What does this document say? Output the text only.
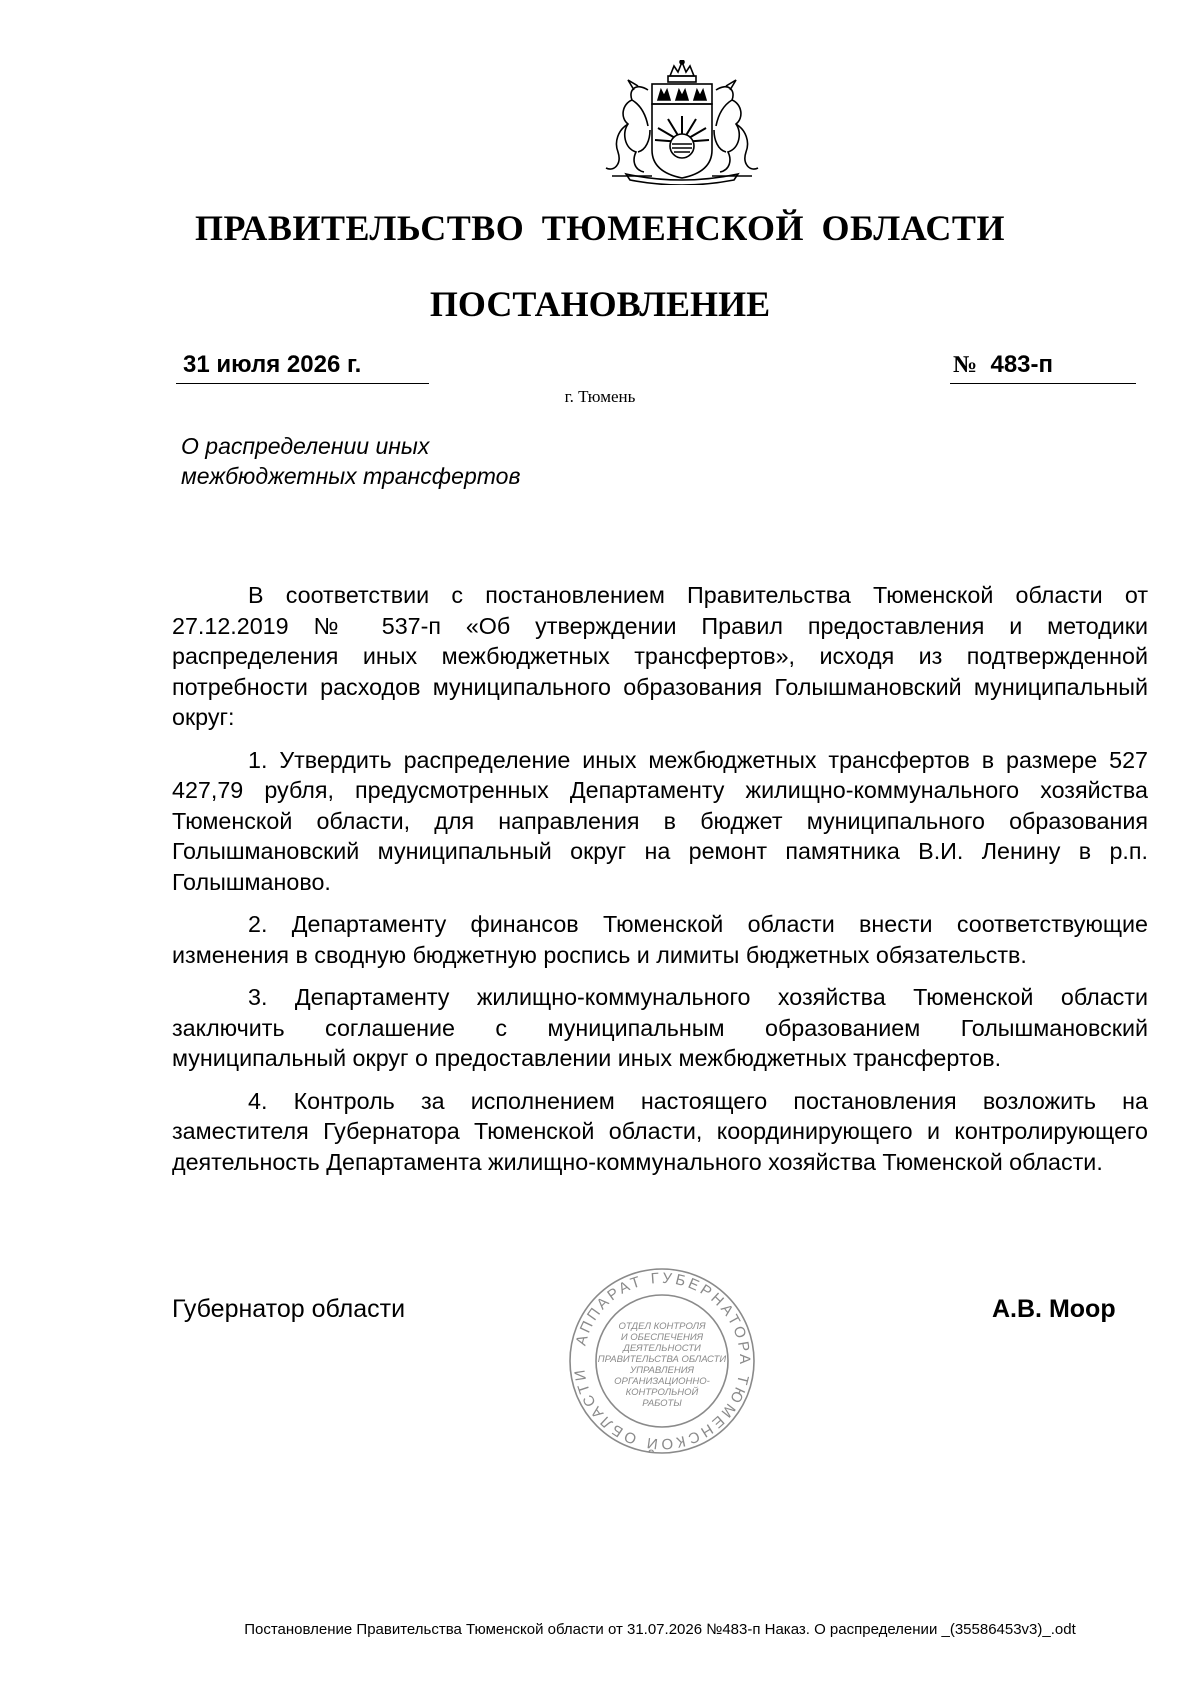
ПРАВИТЕЛЬСТВО ТЮМЕНСКОЙ ОБЛАСТИ
ПОСТАНОВЛЕНИЕ
31 июля 2026 г.	№ 483-п
г. Тюмень
О распределении иных
межбюджетных трансфертов

В соответствии с постановлением Правительства Тюменской области от 27.12.2019 № 537-п «Об утверждении Правил предоставления и методики распределения иных межбюджетных трансфертов», исходя из подтвержденной потребности расходов муниципального образования Голышмановский муниципальный округ:

1. Утвердить распределение иных межбюджетных трансфертов в размере 527 427,79 рубля, предусмотренных Департаменту жилищно-коммунального хозяйства Тюменской области, для направления в бюджет муниципального образования Голышмановский муниципальный округ на ремонт памятника В.И. Ленину в р.п. Голышманово.

2. Департаменту финансов Тюменской области внести соответствующие изменения в сводную бюджетную роспись и лимиты бюджетных обязательств.

3. Департаменту жилищно-коммунального хозяйства Тюменской области заключить соглашение с муниципальным образованием Голышмановский муниципальный округ о предоставлении иных межбюджетных трансфертов.

4. Контроль за исполнением настоящего постановления возложить на заместителя Губернатора Тюменской области, координирующего и контролирующего деятельность Департамента жилищно-коммунального хозяйства Тюменской области.

Губернатор области	А.В. Моор
АППАРАТ ГУБЕРНАТОРА ТЮМЕНСКОЙ ОБЛАСТИ
ОТДЕЛ КОНТРОЛЯ
И ОБЕСПЕЧЕНИЯ
ДЕЯТЕЛЬНОСТИ
ПРАВИТЕЛЬСТВА ОБЛАСТИ
УПРАВЛЕНИЯ
ОРГАНИЗАЦИОННО-
КОНТРОЛЬНОЙ
РАБОТЫ
Постановление Правительства Тюменской области от 31.07.2026 №483-п Наказ. О распределении _(35586453v3)_.odt
